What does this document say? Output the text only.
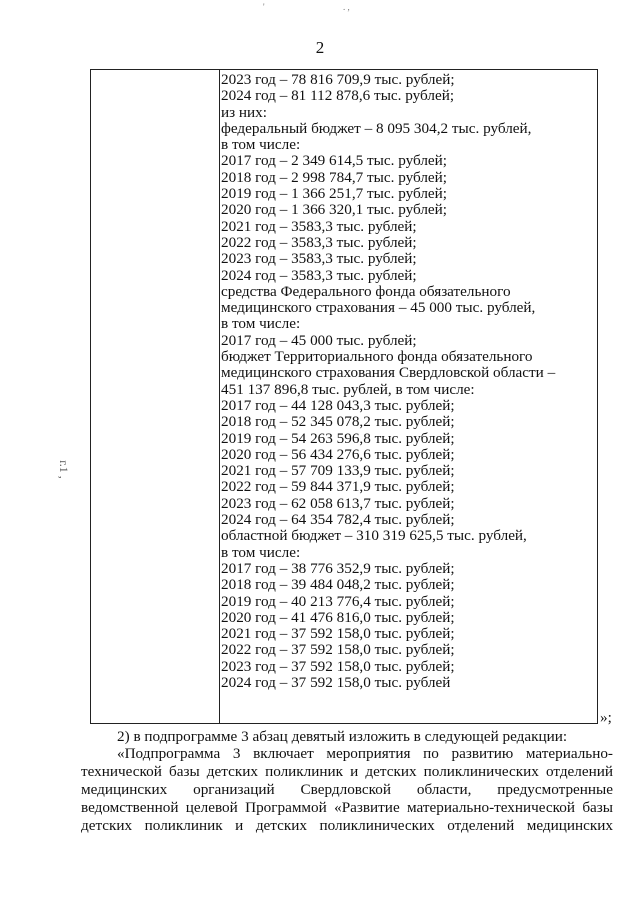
'	. ,
2
г.1 ,
2023 год – 78 816 709,9 тыс. рублей;
2024 год – 81 112 878,6 тыс. рублей;
из них:
федеральный бюджет – 8 095 304,2 тыс. рублей,
в том числе:
2017 год – 2 349 614,5 тыс. рублей;
2018 год – 2 998 784,7 тыс. рублей;
2019 год – 1 366 251,7 тыс. рублей;
2020 год – 1 366 320,1 тыс. рублей;
2021 год – 3583,3 тыс. рублей;
2022 год – 3583,3 тыс. рублей;
2023 год – 3583,3 тыс. рублей;
2024 год – 3583,3 тыс. рублей;
средства Федерального фонда обязательного
медицинского страхования – 45 000 тыс. рублей,
в том числе:
2017 год – 45 000 тыс. рублей;
бюджет Территориального фонда обязательного
медицинского страхования Свердловской области –
451 137 896,8 тыс. рублей, в том числе:
2017 год – 44 128 043,3 тыс. рублей;
2018 год – 52 345 078,2 тыс. рублей;
2019 год – 54 263 596,8 тыс. рублей;
2020 год – 56 434 276,6 тыс. рублей;
2021 год – 57 709 133,9 тыс. рублей;
2022 год – 59 844 371,9 тыс. рублей;
2023 год – 62 058 613,7 тыс. рублей;
2024 год – 64 354 782,4 тыс. рублей;
областной бюджет – 310 319 625,5 тыс. рублей,
в том числе:
2017 год – 38 776 352,9 тыс. рублей;
2018 год – 39 484 048,2 тыс. рублей;
2019 год – 40 213 776,4 тыс. рублей;
2020 год – 41 476 816,0 тыс. рублей;
2021 год – 37 592 158,0 тыс. рублей;
2022 год – 37 592 158,0 тыс. рублей;
2023 год – 37 592 158,0 тыс. рублей;
2024 год – 37 592 158,0 тыс. рублей
»;
2) в подпрограмме 3 абзац девятый изложить в следующей редакции:
«Подпрограмма 3 включает мероприятия по развитию материально-
технической базы детских поликлиник и детских поликлинических отделений
медицинских организаций Свердловской области, предусмотренные
ведомственной целевой Программой «Развитие материально-технической базы
детских поликлиник и детских поликлинических отделений медицинских
